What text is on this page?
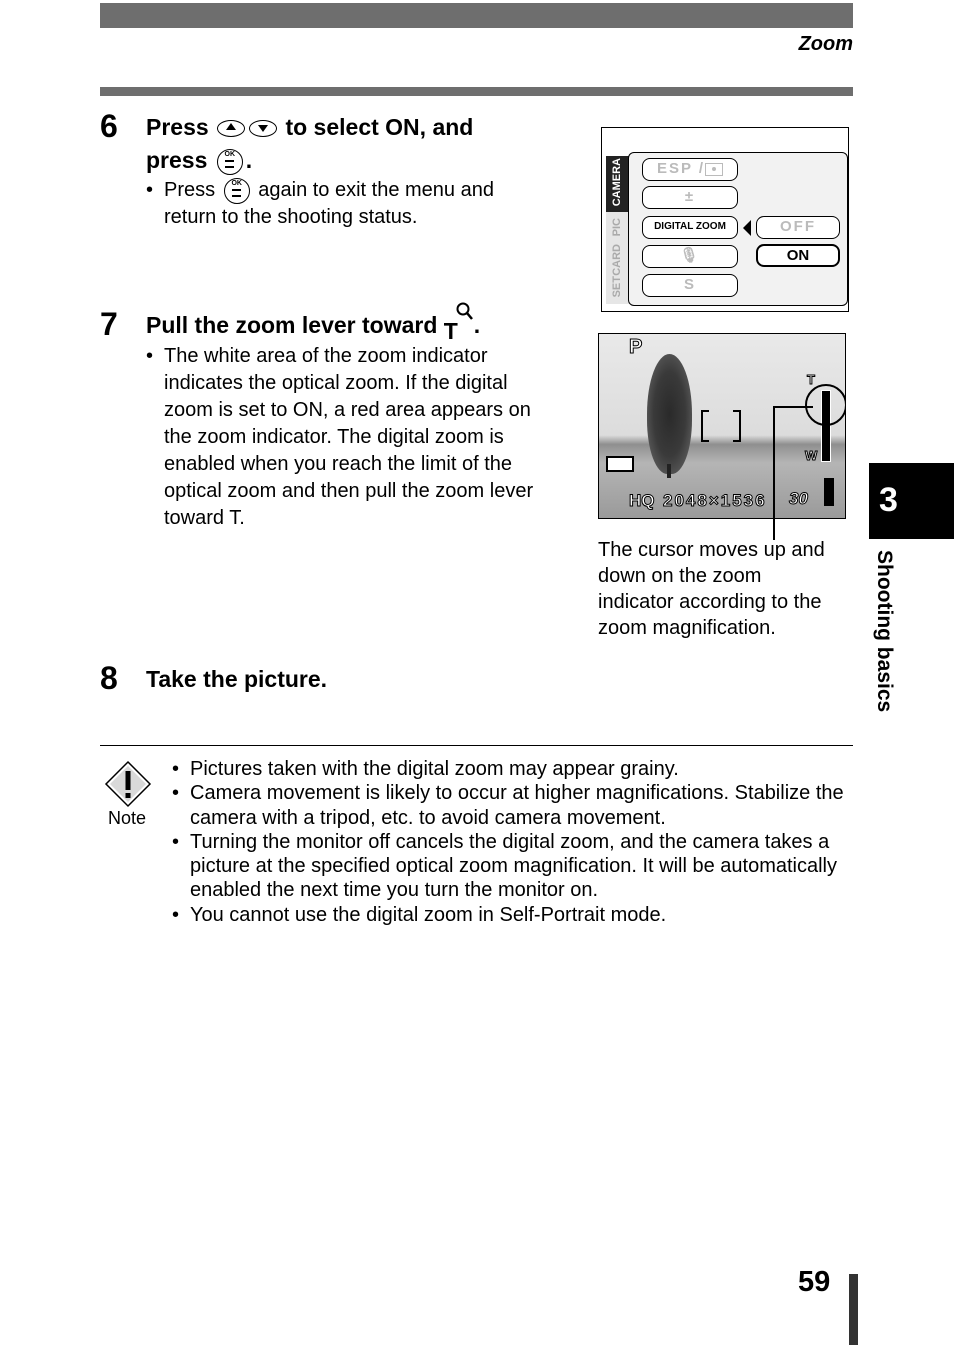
Zoom
6 Press	to select ON, and
press OK .
• Press OK again to exit the menu and
return to the shooting status.
7 Pull the zoom lever toward T .
• The white area of the zoom indicator
indicates the optical zoom. If the digital
zoom is set to ON, a red area appears on
the zoom indicator. The digital zoom is
enabled when you reach the limit of the
optical zoom and then pull the zoom lever
toward T.
8 Take the picture.
CAMERA
PIC
CARD
SET
ESP /
±
DIGITAL ZOOM
🎙
S
OFF
ON
P
T
W
HQ 2048×1536 30
The cursor moves up and
down on the zoom
indicator according to the
zoom magnification.
Note
• Pictures taken with the digital zoom may appear grainy.
• Camera movement is likely to occur at higher magnifications. Stabilize the camera with a tripod, etc. to avoid camera movement.
• Turning the monitor off cancels the digital zoom, and the camera takes a picture at the specified optical zoom magnification. It will be automatically enabled the next time you turn the monitor on.
• You cannot use the digital zoom in Self-Portrait mode.
3
Shooting basics
59
